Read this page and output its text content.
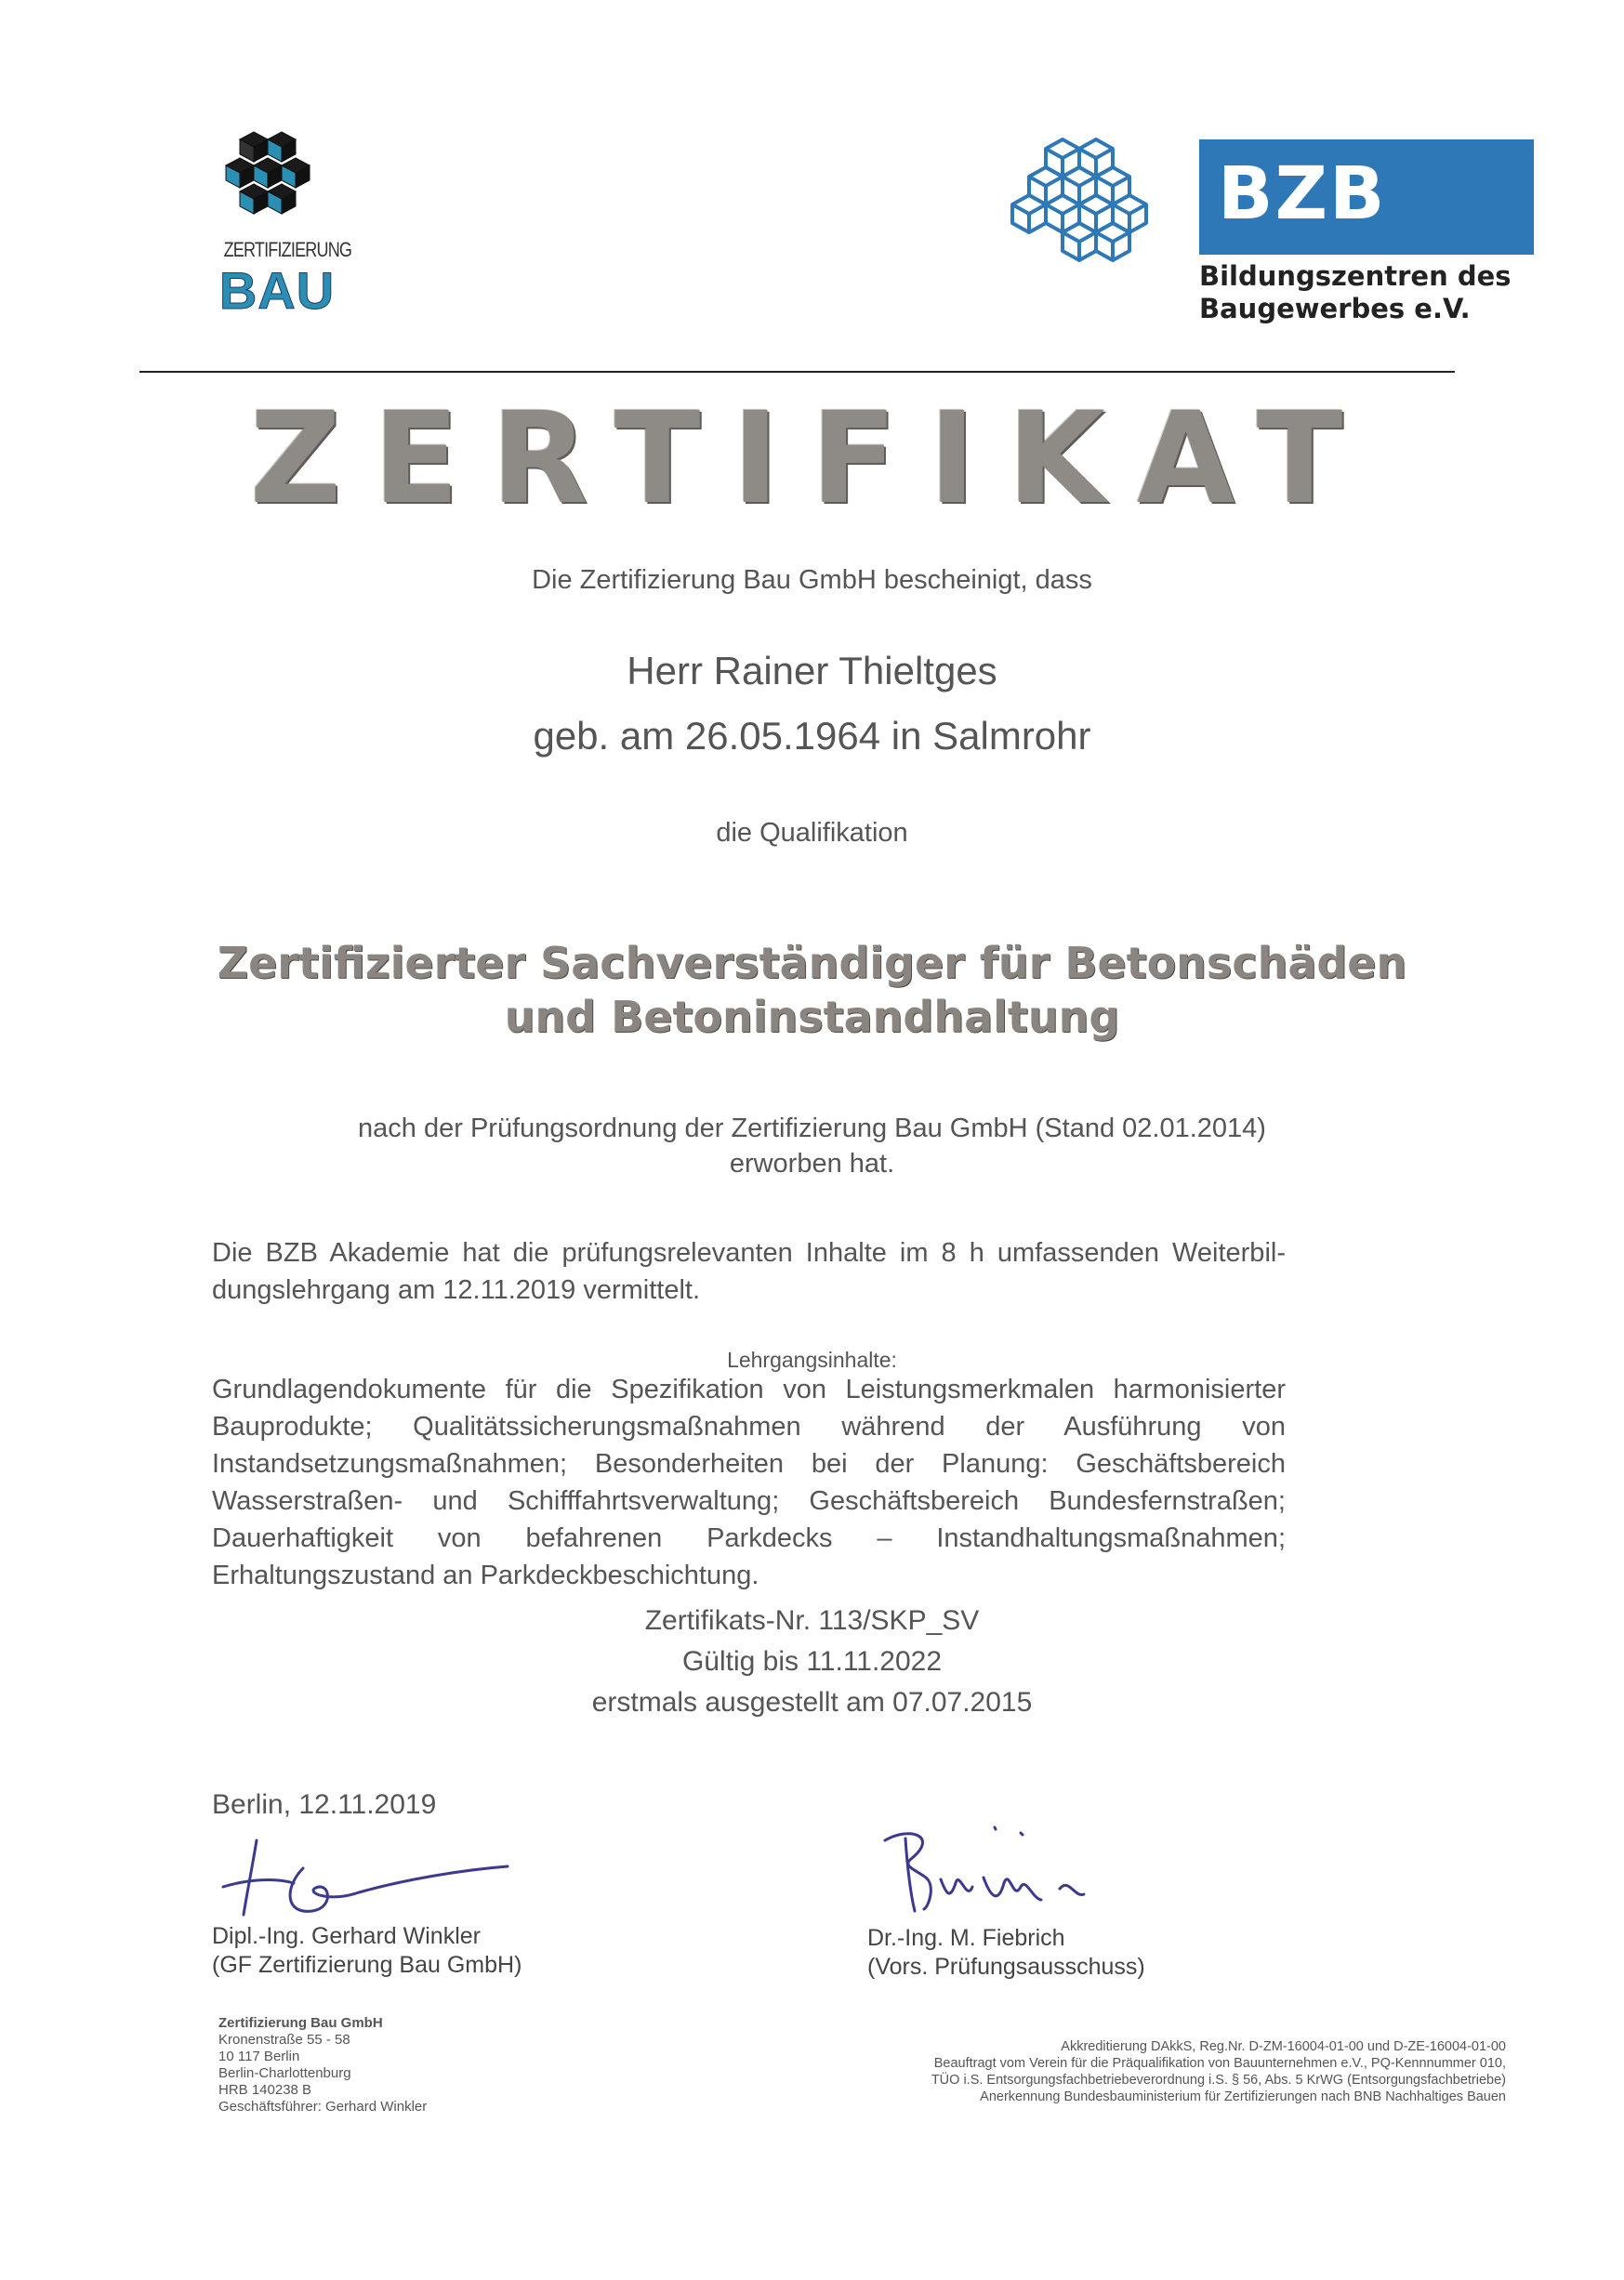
ZERTIFIZIERUNG
BAU
BZB
Bildungszentren des
Baugewerbes e.V.
ZERTIFIKAT
Die Zertifizierung Bau GmbH bescheinigt, dass
Herr Rainer Thieltges
geb. am 26.05.1964 in Salmrohr
die Qualifikation
Zertifizierter Sachverständiger für Betonschäden
und Betoninstandhaltung
nach der Prüfungsordnung der Zertifizierung Bau GmbH (Stand 02.01.2014)
erworben hat.
Die BZB Akademie hat die prüfungsrelevanten Inhalte im 8 h umfassenden Weiterbildungslehrgang am 12.11.2019 vermittelt.
Lehrgangsinhalte:
Grundlagendokumente für die Spezifikation von Leistungsmerkmalen harmonisierter Bauprodukte; Qualitätssicherungsmaßnahmen während der Ausführung von Instandsetzungsmaßnahmen; Besonderheiten bei der Planung: Geschäftsbereich Wasserstraßen- und Schifffahrtsverwaltung; Geschäftsbereich Bundesfernstraßen; Dauerhaftigkeit von befahrenen Parkdecks – Instandhaltungsmaßnahmen; Erhaltungszustand an Parkdeckbeschichtung.
Zertifikats-Nr. 113/SKP_SV
Gültig bis 11.11.2022
erstmals ausgestellt am 07.07.2015
Berlin, 12.11.2019
Dipl.-Ing. Gerhard Winkler
(GF Zertifizierung Bau GmbH)
Dr.-Ing. M. Fiebrich
(Vors. Prüfungsausschuss)
Zertifizierung Bau GmbH
Kronenstraße 55 - 58
10 117 Berlin
Berlin-Charlottenburg
HRB 140238 B
Geschäftsführer: Gerhard Winkler
Akkreditierung DAkkS, Reg.Nr. D-ZM-16004-01-00 und D-ZE-16004-01-00
Beauftragt vom Verein für die Präqualifikation von Bauunternehmen e.V., PQ-Kennnummer 010,
TÜO i.S. Entsorgungsfachbetriebeverordnung i.S. § 56, Abs. 5 KrWG (Entsorgungsfachbetriebe)
Anerkennung Bundesbauministerium für Zertifizierungen nach BNB Nachhaltiges Bauen
